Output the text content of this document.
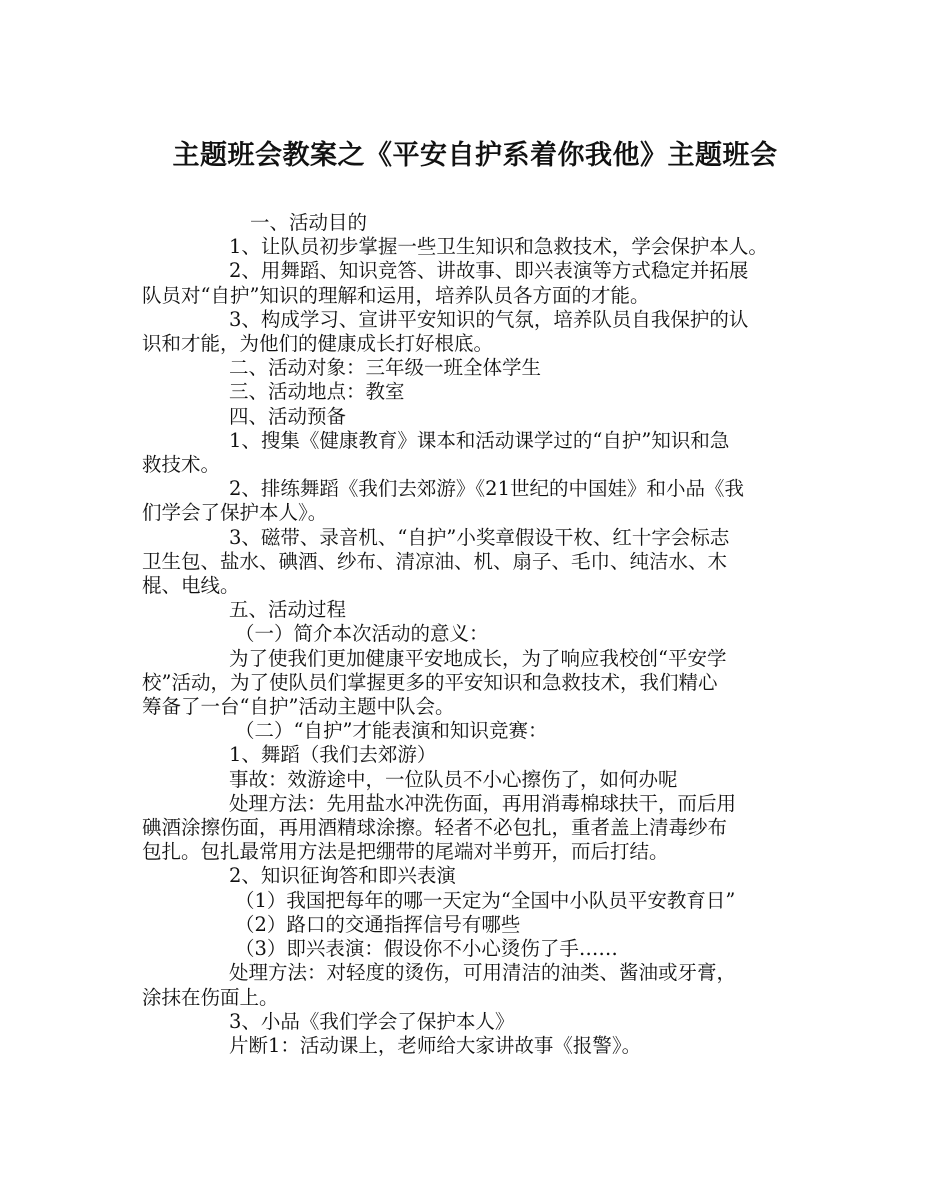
主题班会教案之《平安自护系着你我他》主题班会

一、活动目的

1、让队员初步掌握一些卫生知识和急救技术，学会保护本人。

2、用舞蹈、知识竞答、讲故事、即兴表演等方式稳定并拓展

队员对“自护”知识的理解和运用，培养队员各方面的才能。

3、构成学习、宣讲平安知识的气氛，培养队员自我保护的认

识和才能，为他们的健康成长打好根底。

二、活动对象：三年级一班全体学生

三、活动地点：教室

四、活动预备

1、搜集《健康教育》课本和活动课学过的“自护”知识和急

救技术。

2、排练舞蹈《我们去郊游》《21世纪的中国娃》和小品《我

们学会了保护本人》。

3、磁带、录音机、“自护”小奖章假设干枚、红十字会标志

卫生包、盐水、碘酒、纱布、清凉油、机、扇子、毛巾、纯洁水、木

棍、电线。

五、活动过程

（一）简介本次活动的意义：

为了使我们更加健康平安地成长，为了响应我校创“平安学

校”活动，为了使队员们掌握更多的平安知识和急救技术，我们精心

筹备了一台“自护”活动主题中队会。

（二）“自护”才能表演和知识竞赛：

1、舞蹈（我们去郊游）

事故：效游途中，一位队员不小心擦伤了，如何办呢

处理方法：先用盐水冲洗伤面，再用消毒棉球扶干，而后用

碘酒涂擦伤面，再用酒精球涂擦。轻者不必包扎，重者盖上清毒纱布

包扎。包扎最常用方法是把绷带的尾端对半剪开，而后打结。

2、知识征询答和即兴表演

（1）我国把每年的哪一天定为“全国中小队员平安教育日”

（2）路口的交通指挥信号有哪些

（3）即兴表演：假设你不小心烫伤了手……

处理方法：对轻度的烫伤，可用清洁的油类、酱油或牙膏，

涂抹在伤面上。

3、小品《我们学会了保护本人》

片断1：活动课上，老师给大家讲故事《报警》。
